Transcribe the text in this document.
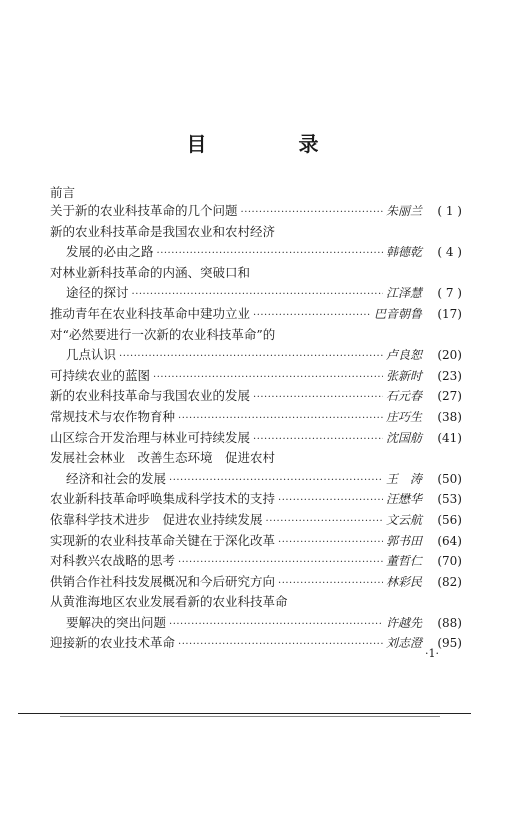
目　录
前言
关于新的农业科技革命的几个问题 ·····	朱丽兰	( 1 )
新的农业科技革命是我国农业和农村经济
发展的必由之路 ·····	韩德乾	( 4 )
对林业新科技革命的内涵、突破口和
途径的探讨 ·····	江泽慧	( 7 )
推动青年在农业科技革命中建功立业 ·····	巴音朝鲁	(17)
对“必然要进行一次新的农业科技革命”的
几点认识 ·····	卢良恕	(20)
可持续农业的蓝图 ·····	张新时	(23)
新的农业科技革命与我国农业的发展 ·····	石元春	(27)
常规技术与农作物育种 ·····	庄巧生	(38)
山区综合开发治理与林业可持续发展 ·····	沈国舫	(41)
发展社会林业　改善生态环境　促进农村
经济和社会的发展 ·····	王　涛	(50)
农业新科技革命呼唤集成科学技术的支持 ·····	汪懋华	(53)
依靠科学技术进步　促进农业持续发展 ·····	文云航	(56)
实现新的农业科技革命关键在于深化改革 ·····	郭书田	(64)
对科教兴农战略的思考 ·····	董哲仁	(70)
供销合作社科技发展概况和今后研究方向 ·····	林彩民	(82)
从黄淮海地区农业发展看新的农业科技革命
要解决的突出问题 ·····	许越先	(88)
迎接新的农业技术革命 ·····	刘志澄	(95)
·1·
